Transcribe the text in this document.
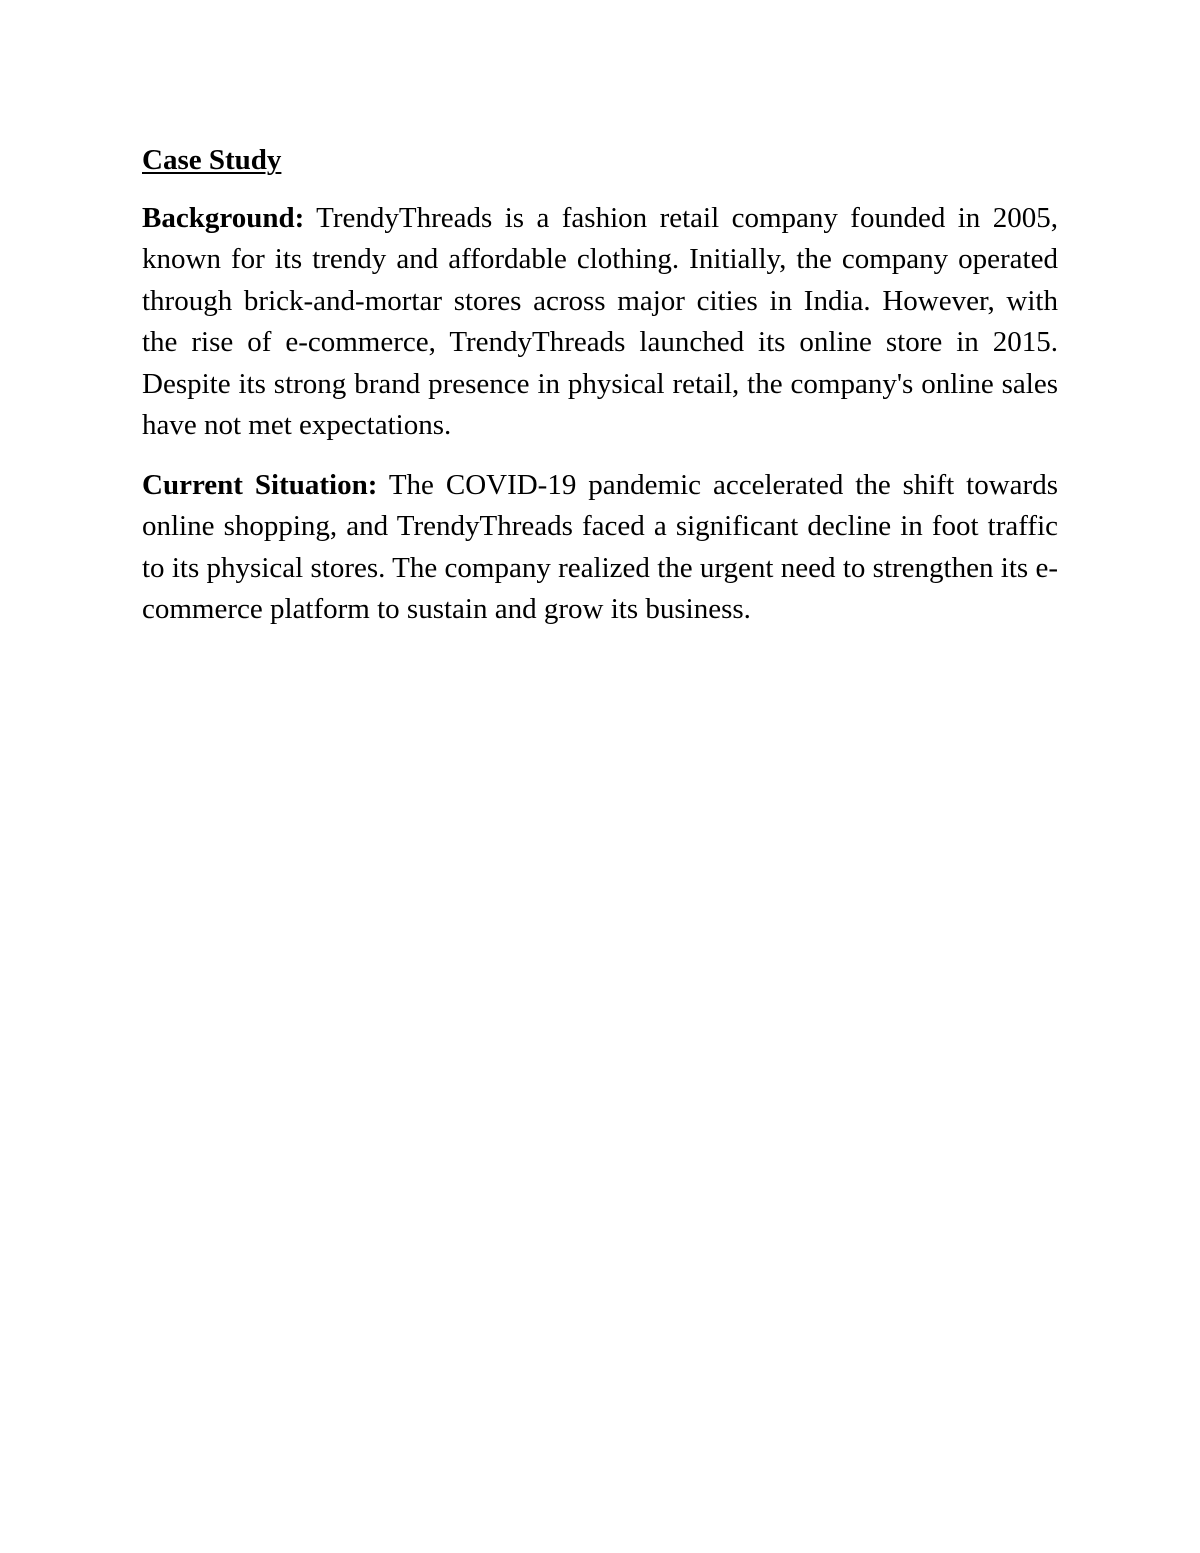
Case Study

Background: TrendyThreads is a fashion retail company founded in 2005, known for its trendy and affordable clothing. Initially, the company operated through brick-and-mortar stores across major cities in India. However, with the rise of e-commerce, TrendyThreads launched its online store in 2015. Despite its strong brand presence in physical retail, the company's online sales have not met expectations.

Current Situation: The COVID-19 pandemic accelerated the shift towards online shopping, and TrendyThreads faced a significant decline in foot traffic to its physical stores. The company realized the urgent need to strengthen its e-commerce platform to sustain and grow its business.
